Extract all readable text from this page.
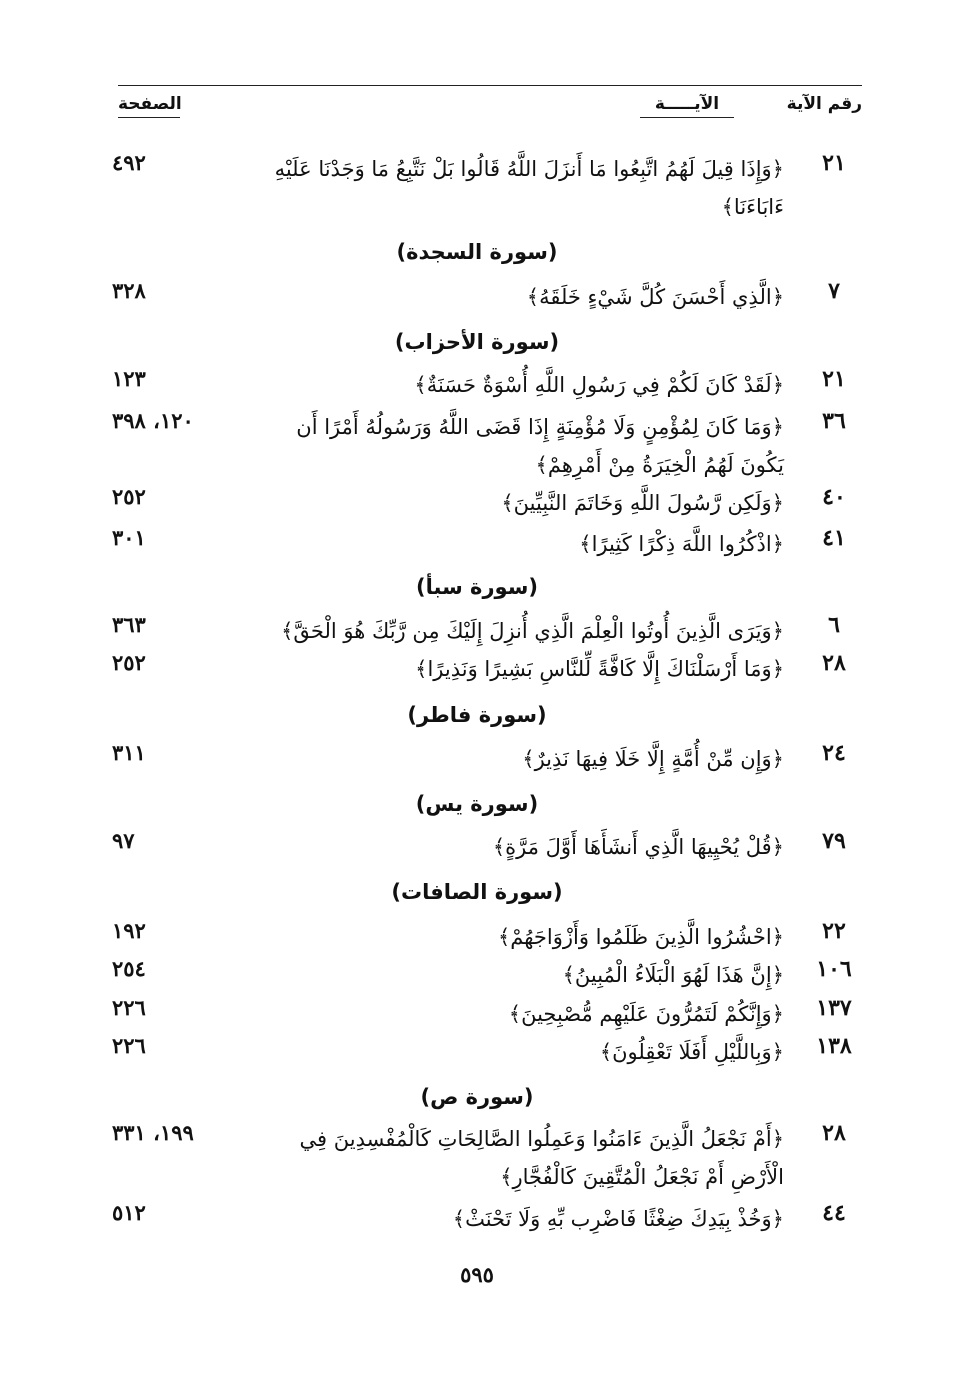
الصفحة	الآيـــــة	رقم الآية
٢١
﴿وَإِذَا قِيلَ لَهُمُ اتَّبِعُوا مَا أَنزَلَ اللَّهُ قَالُوا بَلْ نَتَّبِعُ مَا وَجَدْنَا عَلَيْهِ ءَابَاءَنَا﴾
٤٩٢
(سورة السجدة)
٧
﴿الَّذِي أَحْسَنَ كُلَّ شَيْءٍ خَلَقَهُ﴾
٣٢٨
(سورة الأحزاب)
٢١
﴿لَقَدْ كَانَ لَكُمْ فِي رَسُولِ اللَّهِ أُسْوَةٌ حَسَنَةٌ﴾
١٢٣
٣٦
﴿وَمَا كَانَ لِمُؤْمِنٍ وَلَا مُؤْمِنَةٍ إِذَا قَضَى اللَّهُ وَرَسُولُهُ أَمْرًا أَن يَكُونَ لَهُمُ الْخِيَرَةُ مِنْ أَمْرِهِمْ﴾
١٢٠، ٣٩٨
٤٠
﴿وَلَكِن رَّسُولَ اللَّهِ وَخَاتَمَ النَّبِيِّينَ﴾
٢٥٢
٤١
﴿اذْكُرُوا اللَّهَ ذِكْرًا كَثِيرًا﴾
٣٠١
(سورة سبأ)
٦
﴿وَيَرَى الَّذِينَ أُوتُوا الْعِلْمَ الَّذِي أُنزِلَ إِلَيْكَ مِن رَّبِّكَ هُوَ الْحَقَّ﴾
٣٦٣
٢٨
﴿وَمَا أَرْسَلْنَاكَ إِلَّا كَافَّةً لِّلنَّاسِ بَشِيرًا وَنَذِيرًا﴾
٢٥٢
(سورة فاطر)
٢٤
﴿وَإِن مِّنْ أُمَّةٍ إِلَّا خَلَا فِيهَا نَذِيرٌ﴾
٣١١
(سورة يس)
٧٩
﴿قُلْ يُحْيِيهَا الَّذِي أَنشَأَهَا أَوَّلَ مَرَّةٍ﴾
٩٧
(سورة الصافات)
٢٢
﴿احْشُرُوا الَّذِينَ ظَلَمُوا وَأَزْوَاجَهُمْ﴾
١٩٢
١٠٦
﴿إِنَّ هَذَا لَهُوَ الْبَلَاءُ الْمُبِينُ﴾
٢٥٤
١٣٧
﴿وَإِنَّكُمْ لَتَمُرُّونَ عَلَيْهِم مُّصْبِحِينَ﴾
٢٢٦
١٣٨
﴿وَبِاللَّيْلِ أَفَلَا تَعْقِلُونَ﴾
٢٢٦
(سورة ص)
٢٨
﴿أَمْ نَجْعَلُ الَّذِينَ ءَامَنُوا وَعَمِلُوا الصَّالِحَاتِ كَالْمُفْسِدِينَ فِي الْأَرْضِ أَمْ نَجْعَلُ الْمُتَّقِينَ كَالْفُجَّارِ﴾
١٩٩، ٣٣١
٤٤
﴿وَخُذْ بِيَدِكَ ضِغْثًا فَاضْرِب بِّهِ وَلَا تَحْنَثْ﴾
٥١٢
٥٩٥
